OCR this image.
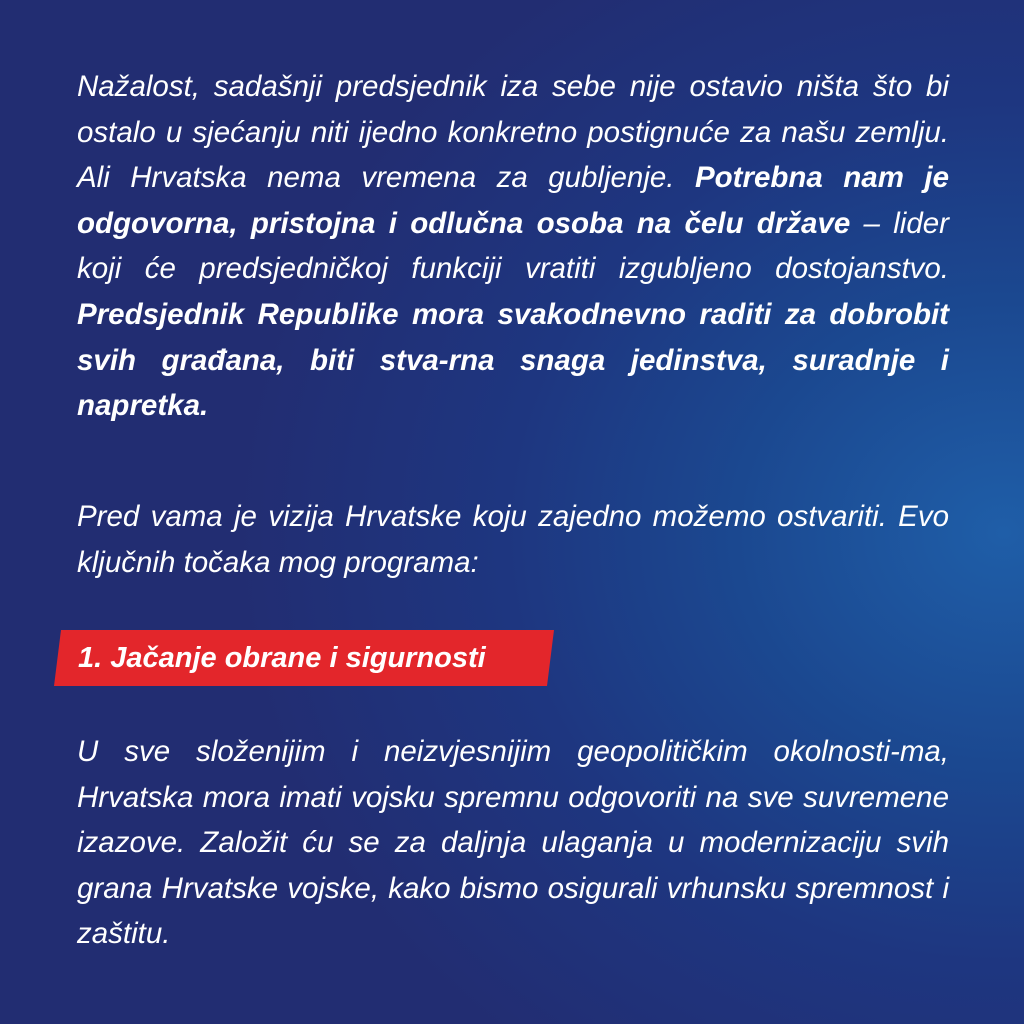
Nažalost, sadašnji predsjednik iza sebe nije ostavio ništa što bi ostalo u sjećanju niti ijedno konkretno postignuće za našu zemlju. Ali Hrvatska nema vremena za gubljenje. Potrebna nam je odgovorna, pristojna i odlučna osoba na čelu države – lider koji će predsjedničkoj funkciji vratiti izgubljeno dostojanstvo. Predsjednik Republike mora svakodnevno raditi za dobrobit svih građana, biti stva-rna snaga jedinstva, suradnje i napretka.

Pred vama je vizija Hrvatske koju zajedno možemo ostvariti. Evo ključnih točaka mog programa:

1. Jačanje obrane i sigurnosti

U sve složenijim i neizvjesnijim geopolitičkim okolnosti-ma, Hrvatska mora imati vojsku spremnu odgovoriti na sve suvremene izazove. Založit ću se za daljnja ulaganja u modernizaciju svih grana Hrvatske vojske, kako bismo osigurali vrhunsku spremnost i zaštitu.
